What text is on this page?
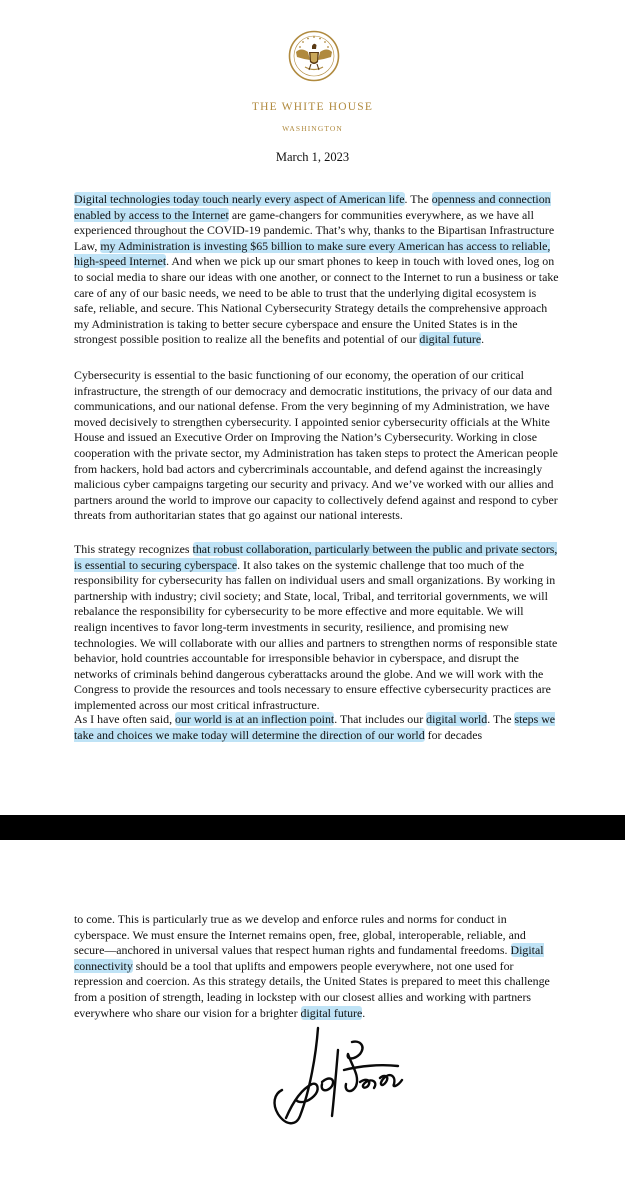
THE WHITE HOUSE
WASHINGTON
March 1, 2023

Digital technologies today touch nearly every aspect of American life. The openness and connection enabled by access to the Internet are game-changers for communities everywhere, as we have all experienced throughout the COVID-19 pandemic. That’s why, thanks to the Bipartisan Infrastructure Law, my Administration is investing $65 billion to make sure every American has access to reliable, high-speed Internet. And when we pick up our smart phones to keep in touch with loved ones, log on to social media to share our ideas with one another, or connect to the Internet to run a business or take care of any of our basic needs, we need to be able to trust that the underlying digital ecosystem is safe, reliable, and secure. This National Cybersecurity Strategy details the comprehensive approach my Administration is taking to better secure cyberspace and ensure the United States is in the strongest possible position to realize all the benefits and potential of our digital future.

Cybersecurity is essential to the basic functioning of our economy, the operation of our critical infrastructure, the strength of our democracy and democratic institutions, the privacy of our data and communications, and our national defense. From the very beginning of my Administration, we have moved decisively to strengthen cybersecurity. I appointed senior cybersecurity officials at the White House and issued an Executive Order on Improving the Nation’s Cybersecurity. Working in close cooperation with the private sector, my Administration has taken steps to protect the American people from hackers, hold bad actors and cybercriminals accountable, and defend against the increasingly malicious cyber campaigns targeting our security and privacy. And we’ve worked with our allies and partners around the world to improve our capacity to collectively defend against and respond to cyber threats from authoritarian states that go against our national interests.

This strategy recognizes that robust collaboration, particularly between the public and private sectors, is essential to securing cyberspace. It also takes on the systemic challenge that too much of the responsibility for cybersecurity has fallen on individual users and small organizations. By working in partnership with industry; civil society; and State, local, Tribal, and territorial governments, we will rebalance the responsibility for cybersecurity to be more effective and more equitable. We will realign incentives to favor long-term investments in security, resilience, and promising new technologies. We will collaborate with our allies and partners to strengthen norms of responsible state behavior, hold countries accountable for irresponsible behavior in cyberspace, and disrupt the networks of criminals behind dangerous cyberattacks around the globe. And we will work with the Congress to provide the resources and tools necessary to ensure effective cybersecurity practices are implemented across our most critical infrastructure.

As I have often said, our world is at an inflection point. That includes our digital world. The steps we take and choices we make today will determine the direction of our world for decades

to come. This is particularly true as we develop and enforce rules and norms for conduct in cyberspace. We must ensure the Internet remains open, free, global, interoperable, reliable, and secure—anchored in universal values that respect human rights and fundamental freedoms. Digital connectivity should be a tool that uplifts and empowers people everywhere, not one used for repression and coercion. As this strategy details, the United States is prepared to meet this challenge from a position of strength, leading in lockstep with our closest allies and working with partners everywhere who share our vision for a brighter digital future.
